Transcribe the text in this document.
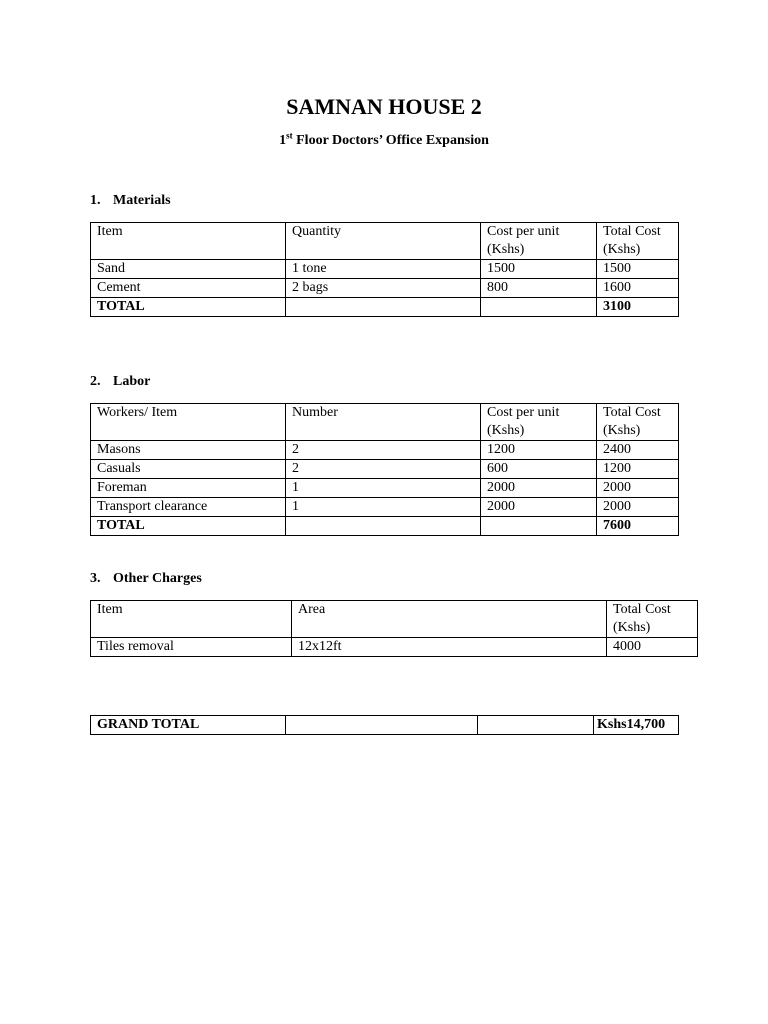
SAMNAN HOUSE 2
1st Floor Doctors’ Office Expansion
1. Materials
Item	Quantity	Cost per unit (Kshs)	Total Cost (Kshs)
Sand	1 tone	1500	1500
Cement	2 bags	800	1600
TOTAL			3100
2. Labor
Workers/ Item	Number	Cost per unit (Kshs)	Total Cost (Kshs)
Masons	2	1200	2400
Casuals	2	600	1200
Foreman	1	2000	2000
Transport clearance	1	2000	2000
TOTAL			7600
3. Other Charges
Item	Area	Total Cost (Kshs)
Tiles removal	12x12ft	4000
GRAND TOTAL			Kshs14,700
